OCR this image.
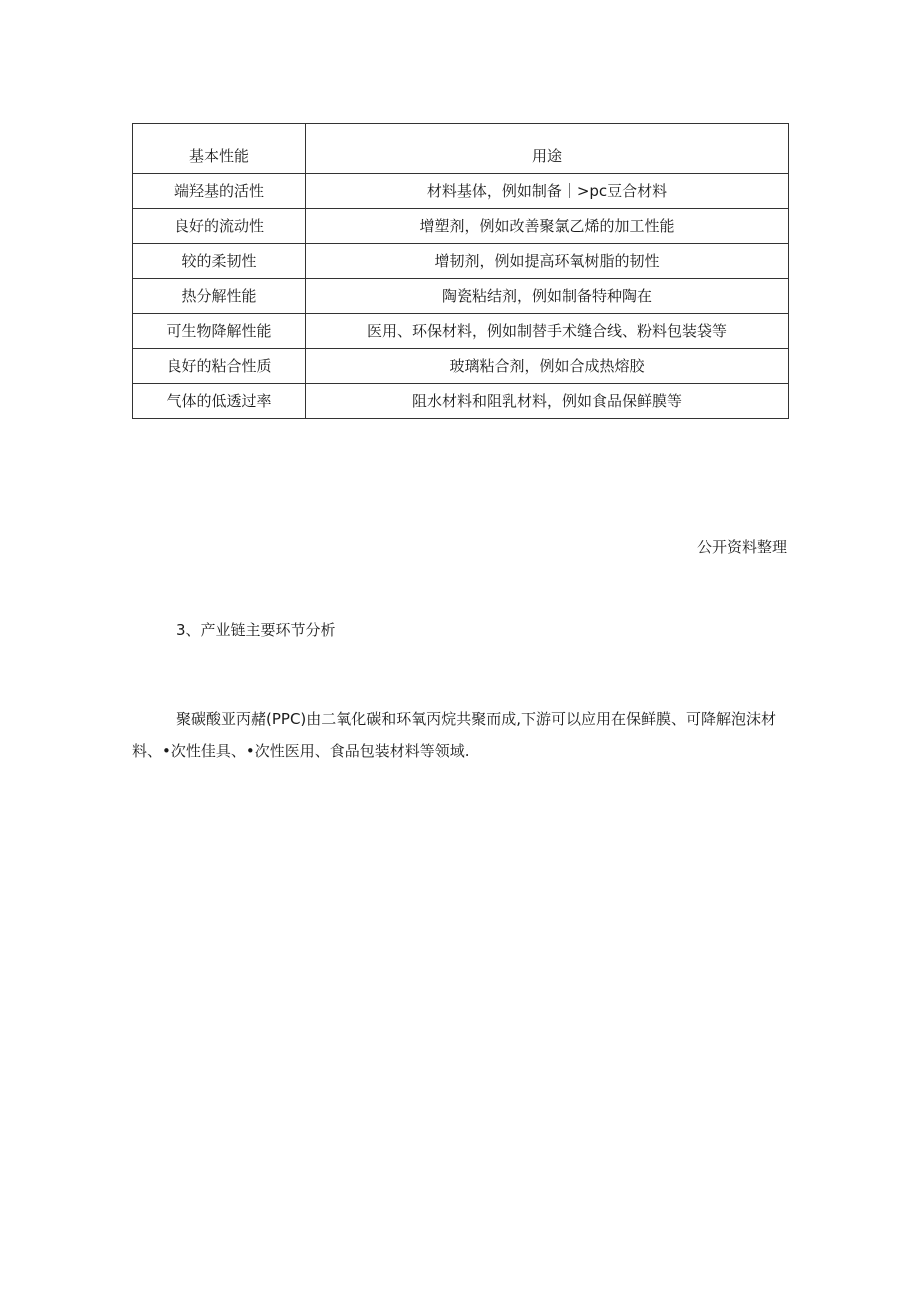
基本性能	用途
端羟基的活性	材料基体，例如制备｜>pc豆合材料
良好的流动性	增塑剂，例如改善聚氯乙烯的加工性能
较的柔韧性	增韧剂，例如提高环氧树脂的韧性
热分解性能	陶瓷粘结剂，例如制备特种陶在
可生物降解性能	医用、环保材料，例如制替手术缝合线、粉料包装袋等
良好的粘合性质	玻璃粘合剂，例如合成热熔胶
气体的低透过率	阻水材料和阻乳材料，例如食品保鲜膜等
公开资料整理
3、产业链主要环节分析

聚碳酸亚丙赭(PPC)由二氧化碳和环氧丙烷共聚而成,下游可以应用在保鲜膜、可降解泡沫材料、•次性佳具、•次性医用、食品包装材料等领域.
